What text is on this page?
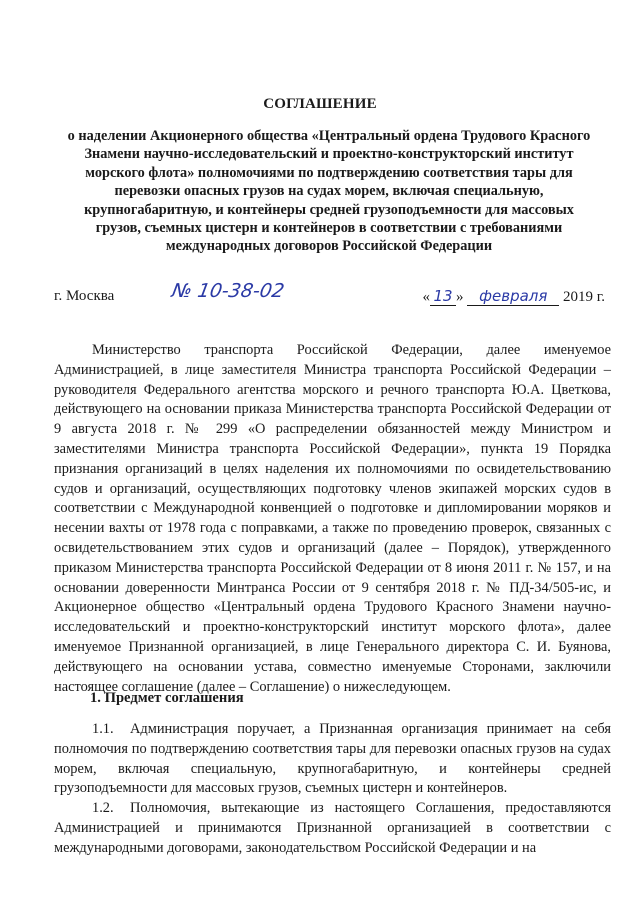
СОГЛАШЕНИЕ
о наделении Акционерного общества «Центральный ордена Трудового Красного Знамени научно-исследовательский и проектно-конструкторский институт морского флота» полномочиями по подтверждению соответствия тары для перевозки опасных грузов на судах морем, включая специальную, крупногабаритную, и контейнеры средней грузоподъемности для массовых грузов, съемных цистерн и контейнеров в соответствии с требованиями международных договоров Российской Федерации
г. Москва	№ 10-38-02	« 13 » февраля 2019 г.

Министерство транспорта Российской Федерации, далее именуемое Администрацией, в лице заместителя Министра транспорта Российской Федерации – руководителя Федерального агентства морского и речного транспорта Ю.А. Цветкова, действующего на основании приказа Министерства транспорта Российской Федерации от 9 августа 2018 г. № 299 «О распределении обязанностей между Министром и заместителями Министра транспорта Российской Федерации», пункта 19 Порядка признания организаций в целях наделения их полномочиями по освидетельствованию судов и организаций, осуществляющих подготовку членов экипажей морских судов в соответствии с Международной конвенцией о подготовке и дипломировании моряков и несении вахты от 1978 года с поправками, а также по проведению проверок, связанных с освидетельствованием этих судов и организаций (далее – Порядок), утвержденного приказом Министерства транспорта Российской Федерации от 8 июня 2011 г. № 157, и на основании доверенности Минтранса России от 9 сентября 2018 г. № ПД-34/505-ис, и Акционерное общество «Центральный ордена Трудового Красного Знамени научно-исследовательский и проектно-конструкторский институт морского флота», далее именуемое Признанной организацией, в лице Генерального директора С. И. Буянова, действующего на основании устава, совместно именуемые Сторонами, заключили настоящее соглашение (далее – Соглашение) о нижеследующем.

1. Предмет соглашения

1.1. Администрация поручает, а Признанная организация принимает на себя полномочия по подтверждению соответствия тары для перевозки опасных грузов на судах морем, включая специальную, крупногабаритную, и контейнеры средней грузоподъемности для массовых грузов, съемных цистерн и контейнеров.

1.2. Полномочия, вытекающие из настоящего Соглашения, предоставляются Администрацией и принимаются Признанной организацией в соответствии с международными договорами, законодательством Российской Федерации и на
